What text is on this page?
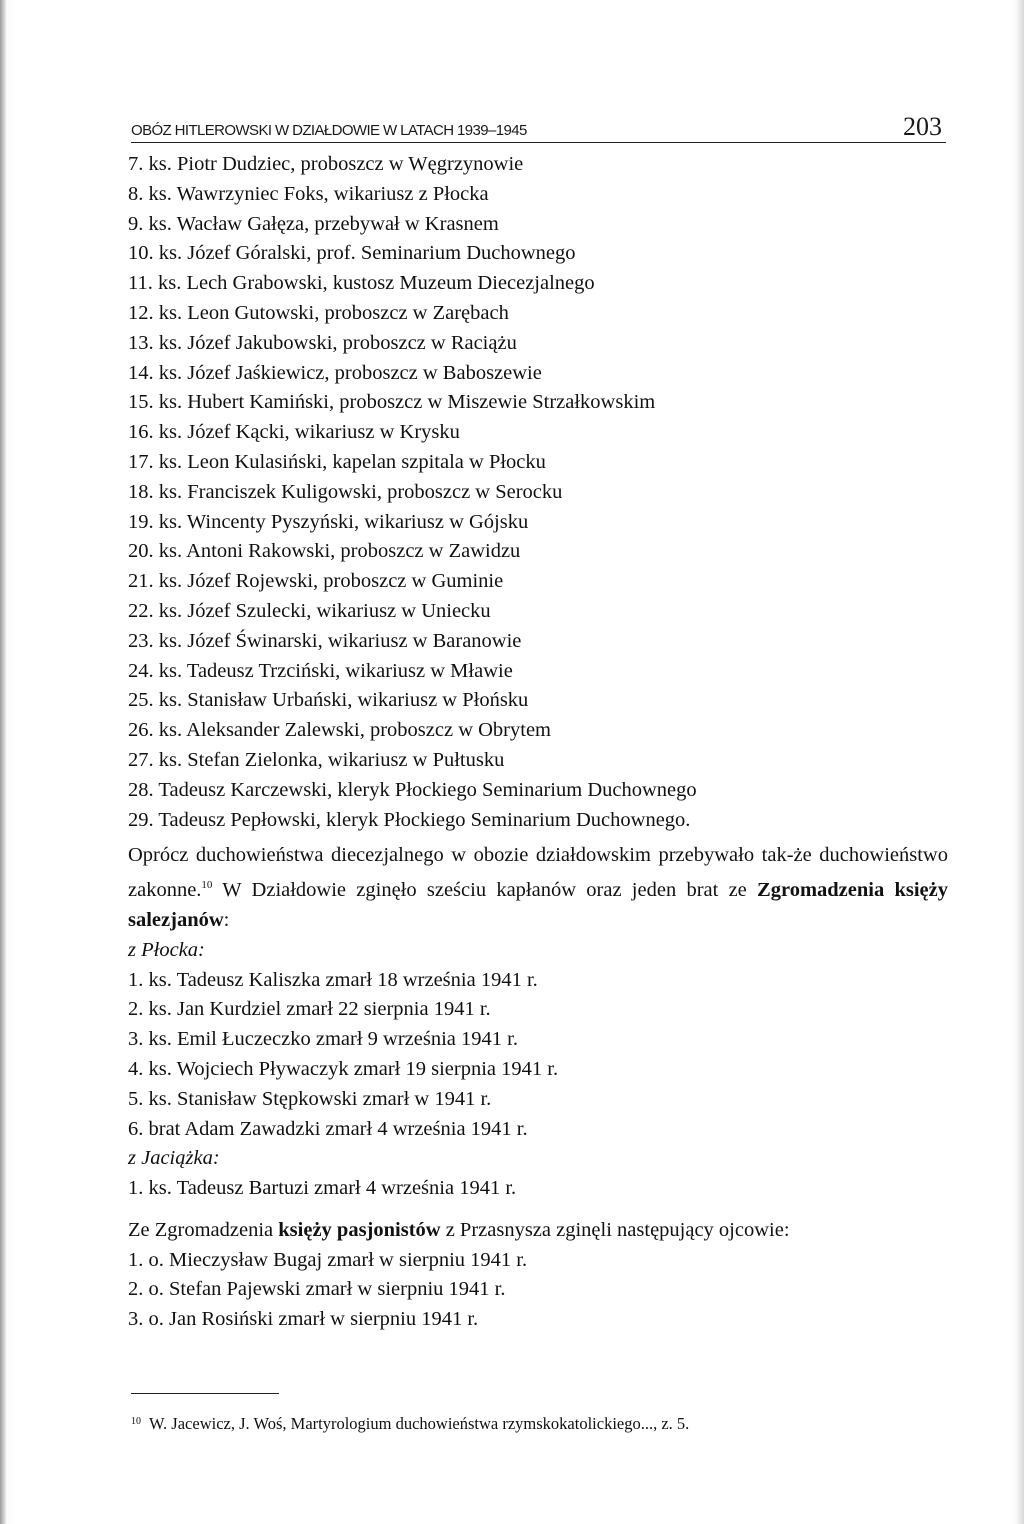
OBÓZ HITLEROWSKI W DZIAŁDOWIE W LATACH 1939–1945	203
7. ks. Piotr Dudziec, proboszcz w Węgrzynowie
8. ks. Wawrzyniec Foks, wikariusz z Płocka
9. ks. Wacław Gałęza, przebywał w Krasnem
10. ks. Józef Góralski, prof. Seminarium Duchownego
11. ks. Lech Grabowski, kustosz Muzeum Diecezjalnego
12. ks. Leon Gutowski, proboszcz w Zarębach
13. ks. Józef Jakubowski, proboszcz w Raciążu
14. ks. Józef Jaśkiewicz, proboszcz w Baboszewie
15. ks. Hubert Kamiński, proboszcz w Miszewie Strzałkowskim
16. ks. Józef Kącki, wikariusz w Krysku
17. ks. Leon Kulasiński, kapelan szpitala w Płocku
18. ks. Franciszek Kuligowski, proboszcz w Serocku
19. ks. Wincenty Pyszyński, wikariusz w Gójsku
20. ks. Antoni Rakowski, proboszcz w Zawidzu
21. ks. Józef Rojewski, proboszcz w Guminie
22. ks. Józef Szulecki, wikariusz w Uniecku
23. ks. Józef Świnarski, wikariusz w Baranowie
24. ks. Tadeusz Trzciński, wikariusz w Mławie
25. ks. Stanisław Urbański, wikariusz w Płońsku
26. ks. Aleksander Zalewski, proboszcz w Obrytem
27. ks. Stefan Zielonka, wikariusz w Pułtusku
28. Tadeusz Karczewski, kleryk Płockiego Seminarium Duchownego
29. Tadeusz Pepłowski, kleryk Płockiego Seminarium Duchownego.
Oprócz duchowieństwa diecezjalnego w obozie działdowskim przebywało tak-że duchowieństwo zakonne.$^{10}$ W Działdowie zginęło sześciu kapłanów oraz jeden brat ze Zgromadzenia księży salezjanów:
z Płocka:
1. ks. Tadeusz Kaliszka zmarł 18 września 1941 r.
2. ks. Jan Kurdziel zmarł 22 sierpnia 1941 r.
3. ks. Emil Łuczeczko zmarł 9 września 1941 r.
4. ks. Wojciech Pływaczyk zmarł 19 sierpnia 1941 r.
5. ks. Stanisław Stępkowski zmarł w 1941 r.
6. brat Adam Zawadzki zmarł 4 września 1941 r.
z Jaciążka:
1. ks. Tadeusz Bartuzi zmarł 4 września 1941 r.
Ze Zgromadzenia księży pasjonistów z Przasnysza zginęli następujący ojcowie:
1. o. Mieczysław Bugaj zmarł w sierpniu 1941 r.
2. o. Stefan Pajewski zmarł w sierpniu 1941 r.
3. o. Jan Rosiński zmarł w sierpniu 1941 r.
$^{10}$ W. Jacewicz, J. Woś, Martyrologium duchowieństwa rzymskokatolickiego..., z. 5.
